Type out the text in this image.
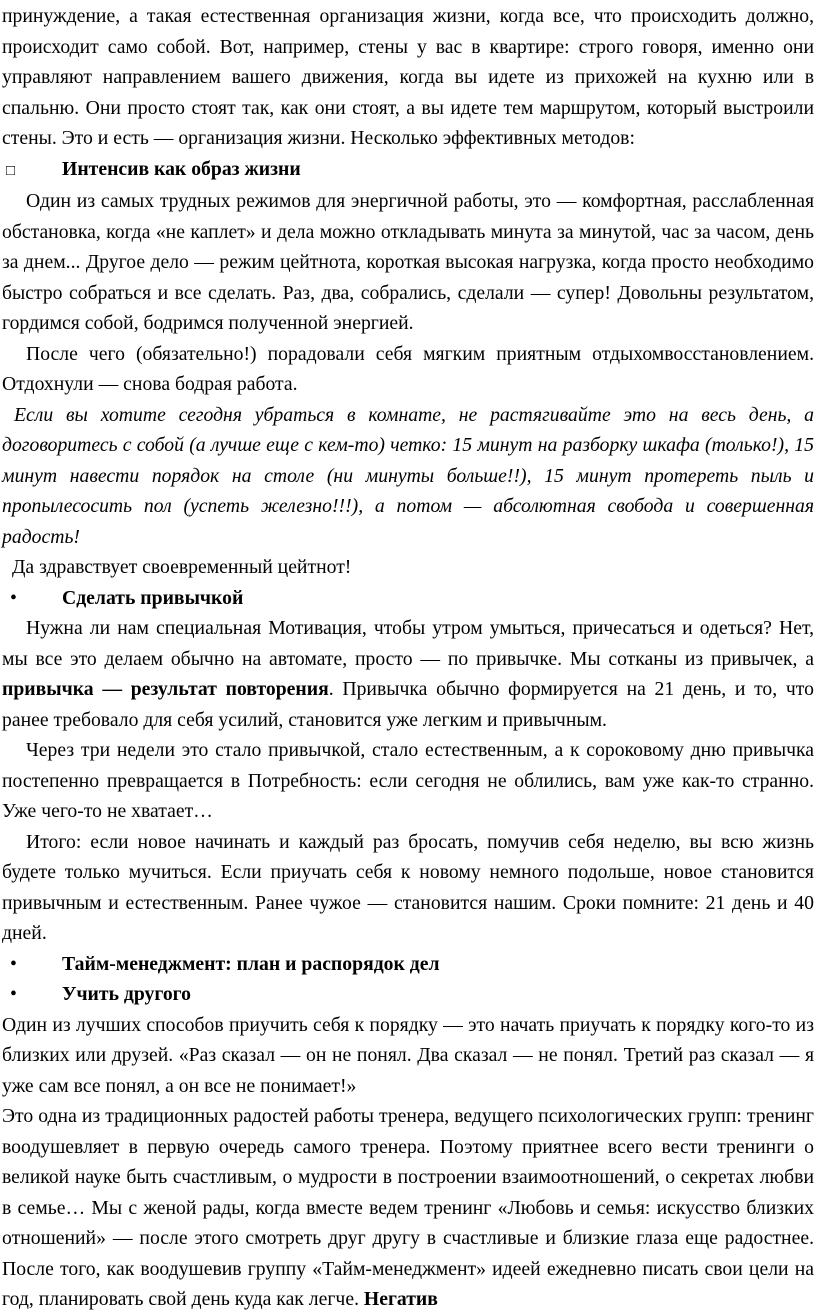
принуждение, а такая естественная организация жизни, когда все, что происходить должно, происходит само собой. Вот, например, стены у вас в квартире: строго говоря, именно они управляют направлением вашего движения, когда вы идете из прихожей на кухню или в спальню. Они просто стоят так, как они стоят, а вы идете тем маршрутом, который выстроили стены. Это и есть — организация жизни. Несколько эффективных методов:

□	Интенсив как образ жизни

Один из самых трудных режимов для энергичной работы, это — комфортная, расслабленная обстановка, когда «не каплет» и дела можно откладывать минута за минутой, час за часом, день за днем... Другое дело — режим цейтнота, короткая высокая нагрузка, когда просто необходимо быстро собраться и все сделать. Раз, два, собрались, сделали — супер! Довольны результатом, гордимся собой, бодримся полученной энергией.

После чего (обязательно!) порадовали себя мягким приятным отдыхомвосстановлением. Отдохнули — снова бодрая работа.

Если вы хотите сегодня убраться в комнате, не растягивайте это на весь день, а договоритесь с собой (а лучше еще с кем-то) четко: 15 минут на разборку шкафа (только!), 15 минут навести порядок на столе (ни минуты больше!!), 15 минут протереть пыль и пропылесосить пол (успеть железно!!!), а потом — абсолютная свобода и совершенная радость!

Да здравствует своевременный цейтнот!

•	Сделать привычкой

Нужна ли нам специальная Мотивация, чтобы утром умыться, причесаться и одеться? Нет, мы все это делаем обычно на автомате, просто — по привычке. Мы сотканы из привычек, а привычка — результат повторения. Привычка обычно формируется на 21 день, и то, что ранее требовало для себя усилий, становится уже легким и привычным.

Через три недели это стало привычкой, стало естественным, а к сороковому дню привычка постепенно превращается в Потребность: если сегодня не облились, вам уже как-то странно. Уже чего-то не хватает…

Итого: если новое начинать и каждый раз бросать, помучив себя неделю, вы всю жизнь будете только мучиться. Если приучать себя к новому немного подольше, новое становится привычным и естественным. Ранее чужое — становится нашим. Сроки помните: 21 день и 40 дней.

•	Тайм-менеджмент: план и распорядок дел
•	Учить другого

Один из лучших способов приучить себя к порядку — это начать приучать к порядку кого-то из близких или друзей. «Раз сказал — он не понял. Два сказал — не понял. Третий раз сказал — я уже сам все понял, а он все не понимает!»

Это одна из традиционных радостей работы тренера, ведущего психологических групп: тренинг воодушевляет в первую очередь самого тренера. Поэтому приятнее всего вести тренинги о великой науке быть счастливым, о мудрости в построении взаимоотношений, о секретах любви в семье… Мы с женой рады, когда вместе ведем тренинг «Любовь и семья: искусство близких отношений» — после этого смотреть друг другу в счастливые и близкие глаза еще радостнее. После того, как воодушевив группу «Тайм-менеджмент» идеей ежедневно писать свои цели на год, планировать свой день куда как легче. Негатив
